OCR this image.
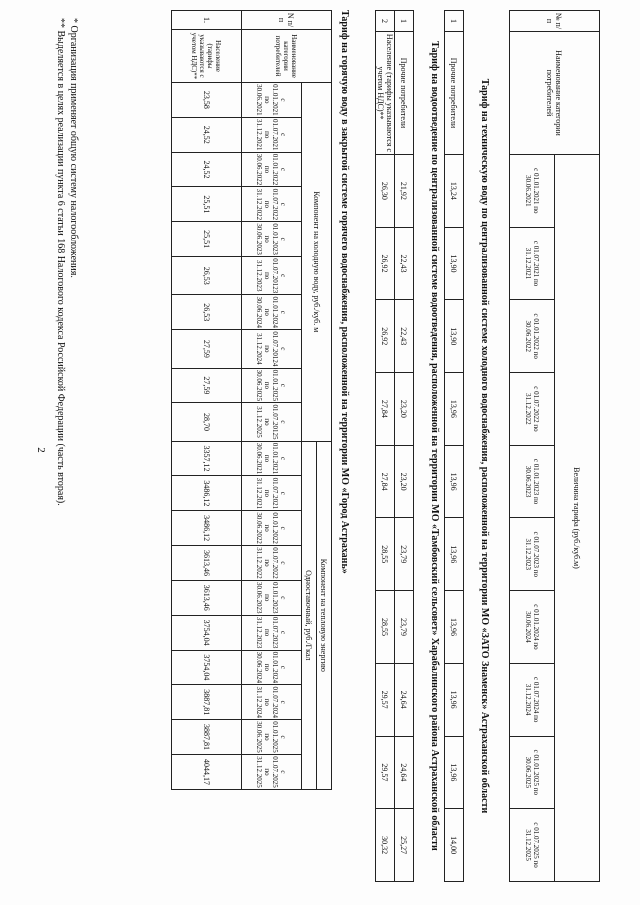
2
№ п/ п	Наименование категории потребителей	Величина тарифа (руб./куб.м)									
		с 01.01.2021 по 30.06.2021	с 01.07.2021 по 31.12.2021	с 01.01.2022 по 30.06.2022	с 01.07.2022 по 31.12.2022	с 01.01.2023 по 30.06.2023	с 01.07.2023 по 31.12.2023	с 01.01.2024 по 30.06.2024	с 01.07.2024 по 31.12.2024	с 01.01.2025 по 30.06.2025	с 01.07.2025 по 31.12.2025
Тариф на техническую воду по централизованной системе холодного водоснабжения, расположенной на территории МО «ЗАТО Знаменск» Астраханской области
1	Прочие потребители	13,24	13,90	13,90	13,96	13,96	13,96	13,96	13,96	13,96	14,00
Тариф на водоотведение по централизованной системе водоотведения, расположенной на территории МО «Тамбовский сельсовет» Харабалинского района Астраханской области
1	Прочие потребители	21,92	22,43	22,43	23,20	23,20	23,79	23,79	24,64	24,64	25,27
2	Население (тарифы указываются с учетом НДС)**	26,30	26,92	26,92	27,84	27,84	28,55	28,55	29,57	29,57	30,32
Тариф на горячую воду в закрытой системе горячего водоснабжения, расположенной на территории МО «Город Астрахань»
N п/п	Наименование категории потребителей	Компонент на холодную воду, руб./куб. м										Компонент на тепловую энергию									
												Одноставочный, руб./Гкал									
		с 01.01.2021 по 30.06.2021	с 01.07.2021 по 31.12.2021	с 01.01.2022 по 30.06.2022	с 01.07.2022 по 31.12.2022	с 01.01.2023 по 30.06.2023	с 01.07.20123 по 31.12.2023	с 01.01.2024 по 30.06.2024	с 01.07.20124 по 31.12.2024	с 01.01.2025 по 30.06.2025	с 01.07.20125 по 31.12.2025	с 01.01.2021 по 30.06.2021	с 01.07.2021 по 31.12.2021	с 01.01.2022 по 30.06.2022	с 01.07.2022 по 31.12.2022	с 01.01.2023 по 30.06.2023	с 01.07.2023 по 31.12.2023	с 01.01.2024 по 30.06.2024	с 01.07.2024 по 31.12.2024	с 01.01.2025 по 30.06.2025	с 01.07.2025 по 31.12.2025
1.	Население (тарифы указываются с учетом НДС)**	23,58	24,52	24,52	25,51	25,51	26,53	26,53	27,59	27,59	28,70	3357,12	3486,12	3486,12	3613,46	3613,46	3754,04	3754,04	3887,81	3887,81	4044,17
* Организация применяет общую систему налогообложения.
** Выделяется в целях реализации пункта 6 статьи 168 Налогового кодекса Российской Федерации (часть вторая).
